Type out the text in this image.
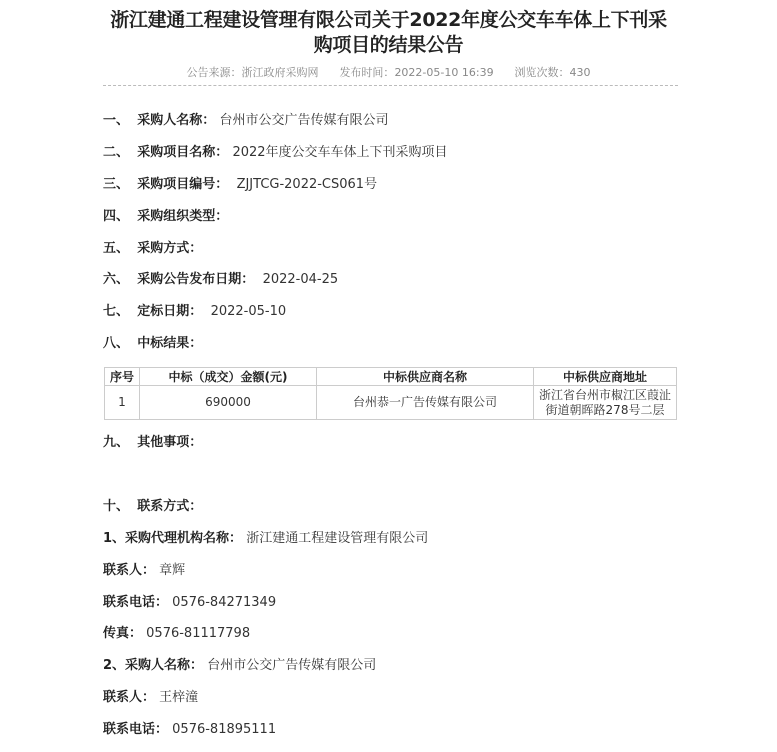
浙江建通工程建设管理有限公司关于2022年度公交车车体上下刊采
购项目的结果公告
公告来源：浙江政府采购网 发布时间：2022-05-10 16:39 浏览次数：430
一、 采购人名称： 台州市公交广告传媒有限公司
二、 采购项目名称： 2022年度公交车车体上下刊采购项目
三、 采购项目编号： ZJJTCG-2022-CS061号
四、 采购组织类型：
五、 采购方式：
六、 采购公告发布日期： 2022-04-25
七、 定标日期： 2022-05-10
八、 中标结果：
序号	中标（成交）金额(元)	中标供应商名称	中标供应商地址
1	690000	台州恭一广告传媒有限公司	浙江省台州市椒江区葭沚
街道朝晖路278号二层
九、 其他事项：
十、 联系方式：
1、采购代理机构名称： 浙江建通工程建设管理有限公司
联系人： 章辉
联系电话： 0576-84271349
传真： 0576-81117798
2、采购人名称： 台州市公交广告传媒有限公司
联系人： 王梓潼
联系电话： 0576-81895111
